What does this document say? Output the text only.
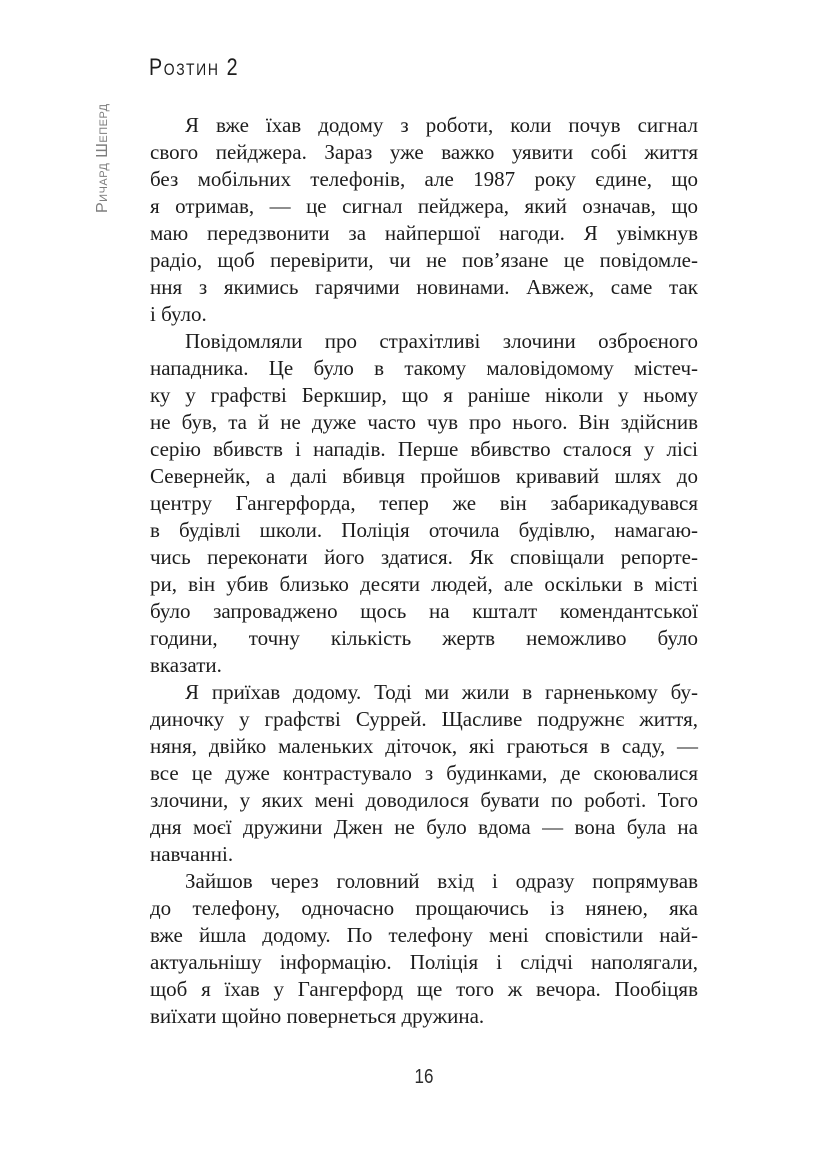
Розтин 2
Ричард Шеперд	Я вже їхав додому з роботи, коли почув сигнал
свого пейджера. Зараз уже важко уявити собі життя
без мобільних телефонів, але 1987 року єдине, що
я отримав, — це сигнал пейджера, який означав, що
маю передзвонити за найпершої нагоди. Я увімкнув
радіо, щоб перевірити, чи не пов’язане це повідомле-
ння з якимись гарячими новинами. Авжеж, саме так
і було.

Повідомляли про страхітливі злочини озброєного
нападника. Це було в такому маловідомому містеч-
ку у графстві Беркшир, що я раніше ніколи у ньому
не був, та й не дуже часто чув про нього. Він здійснив
серію вбивств і нападів. Перше вбивство сталося у лісі
Севернейк, а далі вбивця пройшов кривавий шлях до
центру Гангерфорда, тепер же він забарикадувався
в будівлі школи. Поліція оточила будівлю, намагаю-
чись переконати його здатися. Як сповіщали репорте-
ри, він убив близько десяти людей, але оскільки в місті
було запроваджено щось на кшталт комендантської
години, точну кількість жертв неможливо було
вказати.

Я приїхав додому. Тоді ми жили в гарненькому бу-
диночку у графстві Суррей. Щасливе подружнє життя,
няня, двійко маленьких діточок, які граються в саду, —
все це дуже контрастувало з будинками, де скоювалися
злочини, у яких мені доводилося бувати по роботі. Того
дня моєї дружини Джен не було вдома — вона була на
навчанні.

Зайшов через головний вхід і одразу попрямував
до телефону, одночасно прощаючись із нянею, яка
вже йшла додому. По телефону мені сповістили най-
актуальнішу інформацію. Поліція і слідчі наполягали,
щоб я їхав у Гангерфорд ще того ж вечора. Пообіцяв
виїхати щойно повернеться дружина.

16
